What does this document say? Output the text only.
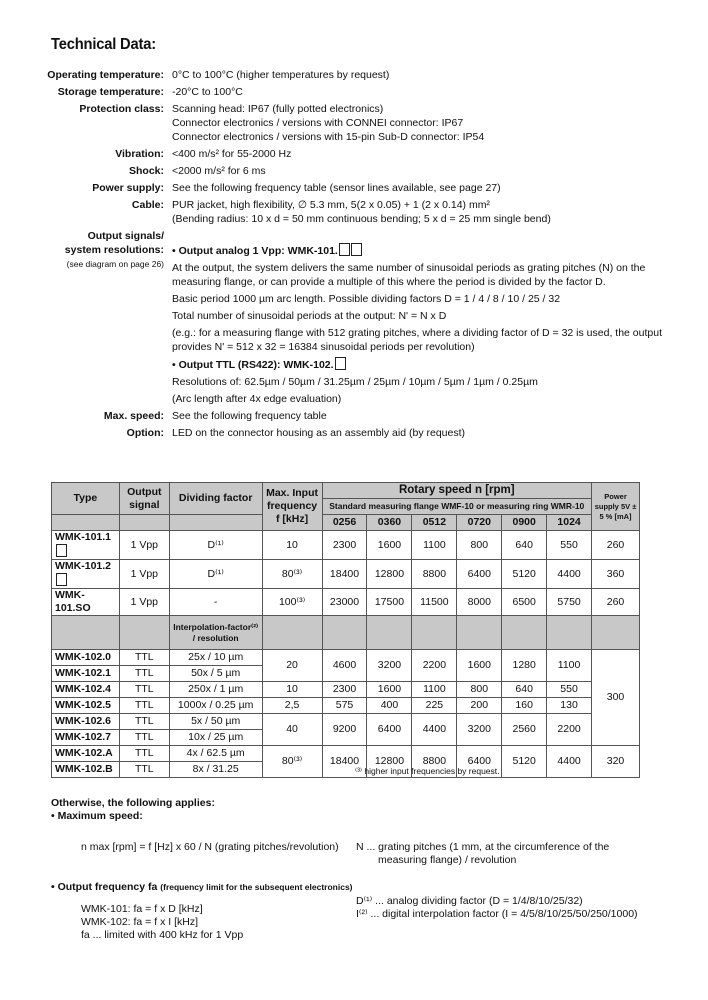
Technical Data:
Operating temperature: 0°C to 100°C (higher temperatures by request)
Storage temperature: -20°C to 100°C
Protection class: Scanning head: IP67 (fully potted electronics)

Connector electronics / versions with CONNEI connector: IP67

Connector electronics / versions with 15-pin Sub-D connector: IP54

Vibration: <400 m/s² for 55-2000 Hz
Shock: <2000 m/s² for 6 ms
Power supply: See the following frequency table (sensor lines available, see page 27)
Cable: PUR jacket, high flexibility, ∅ 5.3 mm, 5(2 x 0.05) + 1 (2 x 0.14) mm²

(Bending radius: 10 x d = 50 mm continuous bending; 5 x d = 25 mm single bend)

Output signals/
system resolutions:
(see diagram on page 26)

• Output analog 1 Vpp: WMK-101.

At the output, the system delivers the same number of sinusoidal periods as grating pitches (N) on the measuring flange, or can provide a multiple of this where the period is divided by the factor D.

Basic period 1000 µm arc length. Possible dividing factors D = 1 / 4 / 8 / 10 / 25 / 32

Total number of sinusoidal periods at the output: N' = N x D

(e.g.: for a measuring flange with 512 grating pitches, where a dividing factor of D = 32 is used, the output provides N' = 512 x 32 = 16384 sinusoidal periods per revolution)

• Output TTL (RS422): WMK-102.

Resolutions of: 62.5µm / 50µm / 31.25µm / 25µm / 10µm / 5µm / 1µm / 0.25µm

(Arc length after 4x edge evaluation)

Max. speed: See the following frequency table
Option: LED on the connector housing as an assembly aid (by request)
Type	Output signal	Dividing factor	Max. Input frequency f [kHz]	Rotary speed n [rpm]						Power supply 5V ± 5 % [mA]
				Standard measuring flange WMF-10 or measuring ring WMR-10						
				0256	0360	0512	0720	0900	1024	
WMK-101.1	1 Vpp	D⁽¹⁾	10	2300	1600	1100	800	640	550	260
WMK-101.2	1 Vpp	D⁽¹⁾	80⁽³⁾	18400	12800	8800	6400	5120	4400	360
WMK-101.SO	1 Vpp	-	100⁽³⁾	23000	17500	11500	8000	6500	5750	260
		Interpolation-factor⁽²⁾ / resolution								
WMK-102.0	TTL	25x / 10 µm	20	4600	3200	2200	1600	1280	1100	300
WMK-102.1	TTL	50x / 5 µm								
WMK-102.4	TTL	250x / 1 µm	10	2300	1600	1100	800	640	550	
WMK-102.5	TTL	1000x / 0.25 µm	2,5	575	400	225	200	160	130	
WMK-102.6	TTL	5x / 50 µm	40	9200	6400	4400	3200	2560	2200	
WMK-102.7	TTL	10x / 25 µm								
WMK-102.A	TTL	4x / 62.5 µm	80⁽³⁾	18400	12800	8800	6400	5120	4400	320
WMK-102.B	TTL	8x / 31.25									⁽³⁾ higher input frequencies by request.
Otherwise, the following applies:
• Maximum speed:
n max [rpm] = f [Hz] x 60 / N (grating pitches/revolution) N ... grating pitches (1 mm, at the circumference of the
measuring flange) / revolution
• Output frequency fa (frequency limit for the subsequent electronics)
WMK-101: fa = f x D [kHz]
WMK-102: fa = f x I [kHz]
fa ... limited with 400 kHz for 1 Vpp
D⁽¹⁾ ... analog dividing factor (D = 1/4/8/10/25/32)
I⁽²⁾ ... digital interpolation factor (I = 4/5/8/10/25/50/250/1000)
